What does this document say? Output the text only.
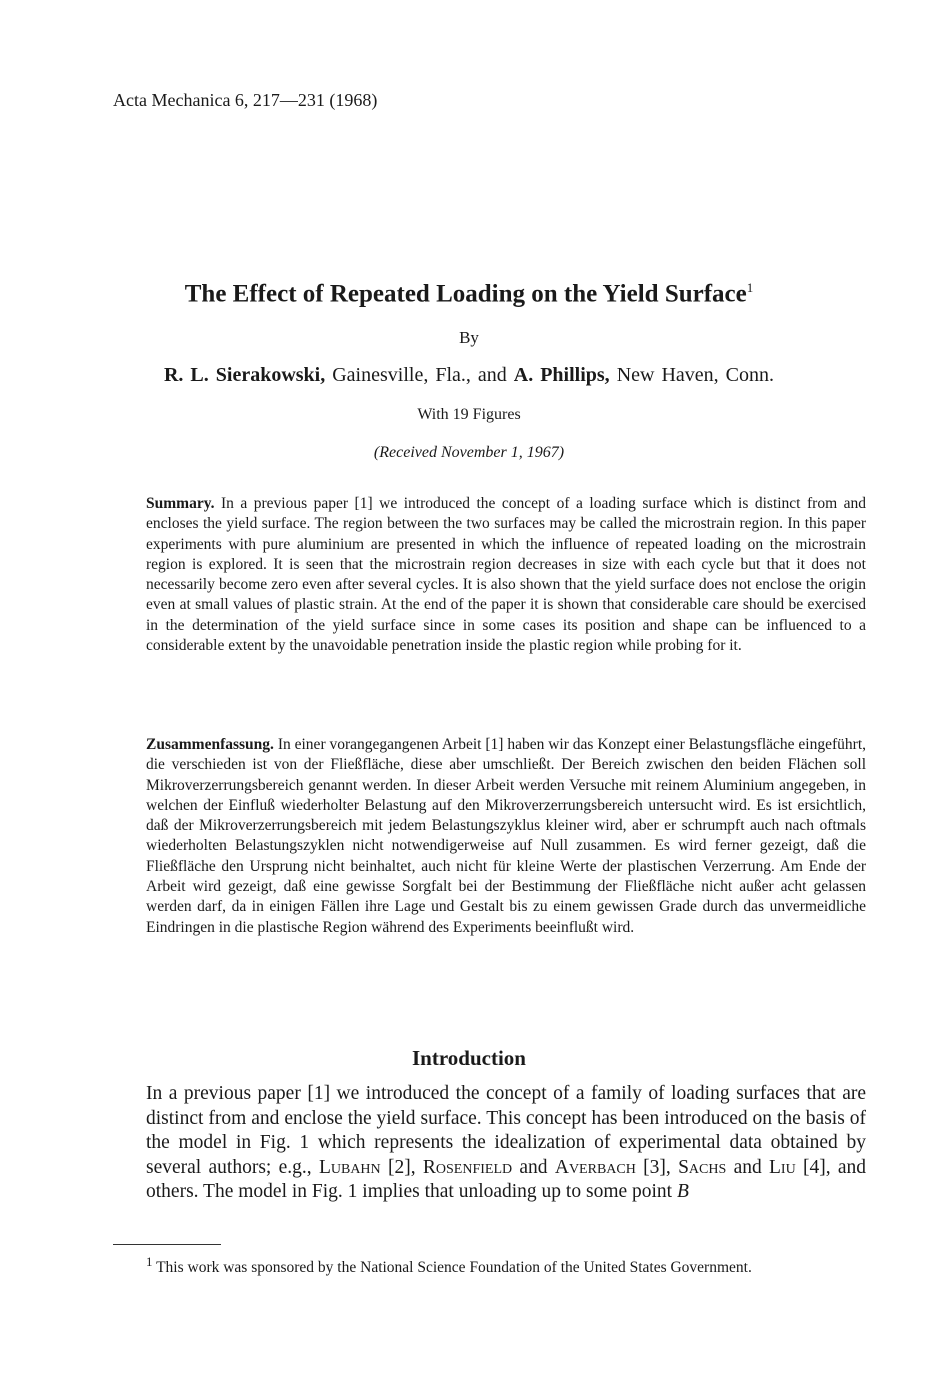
Acta Mechanica 6, 217—231 (1968)
The Effect of Repeated Loading on the Yield Surface$^1$
By
R. L. Sierakowski, Gainesville, Fla., and A. Phillips, New Haven, Conn.
With 19 Figures
(Received November 1, 1967)

Summary. In a previous paper [1] we introduced the concept of a loading surface which is distinct from and encloses the yield surface. The region between the two surfaces may be called the microstrain region. In this paper experiments with pure aluminium are presented in which the influence of repeated loading on the microstrain region is explored. It is seen that the microstrain region decreases in size with each cycle but that it does not necessarily become zero even after several cycles. It is also shown that the yield surface does not enclose the origin even at small values of plastic strain. At the end of the paper it is shown that considerable care should be exercised in the determination of the yield surface since in some cases its position and shape can be influenced to a considerable extent by the unavoidable penetration inside the plastic region while probing for it.

Zusammenfassung. In einer vorangegangenen Arbeit [1] haben wir das Konzept einer Belastungsfläche eingeführt, die verschieden ist von der Fließfläche, diese aber umschließt. Der Bereich zwischen den beiden Flächen soll Mikroverzerrungsbereich genannt werden. In dieser Arbeit werden Versuche mit reinem Aluminium angegeben, in welchen der Einfluß wiederholter Belastung auf den Mikroverzerrungsbereich untersucht wird. Es ist ersichtlich, daß der Mikroverzerrungsbereich mit jedem Belastungszyklus kleiner wird, aber er schrumpft auch nach oftmals wiederholten Belastungszyklen nicht notwendigerweise auf Null zusammen. Es wird ferner gezeigt, daß die Fließfläche den Ursprung nicht beinhaltet, auch nicht für kleine Werte der plastischen Verzerrung. Am Ende der Arbeit wird gezeigt, daß eine gewisse Sorgfalt bei der Bestimmung der Fließfläche nicht außer acht gelassen werden darf, da in einigen Fällen ihre Lage und Gestalt bis zu einem gewissen Grade durch das unvermeidliche Eindringen in die plastische Region während des Experiments beeinflußt wird.

Introduction

In a previous paper [1] we introduced the concept of a family of loading surfaces that are distinct from and enclose the yield surface. This concept has been introduced on the basis of the model in Fig. 1 which represents the idealization of experimental data obtained by several authors; e.g., Lubahn [2], Rosenfield and Averbach [3], Sachs and Liu [4], and others. The model in Fig. 1 implies that unloading up to some point B

$^1$ This work was sponsored by the National Science Foundation of the United States Government.
